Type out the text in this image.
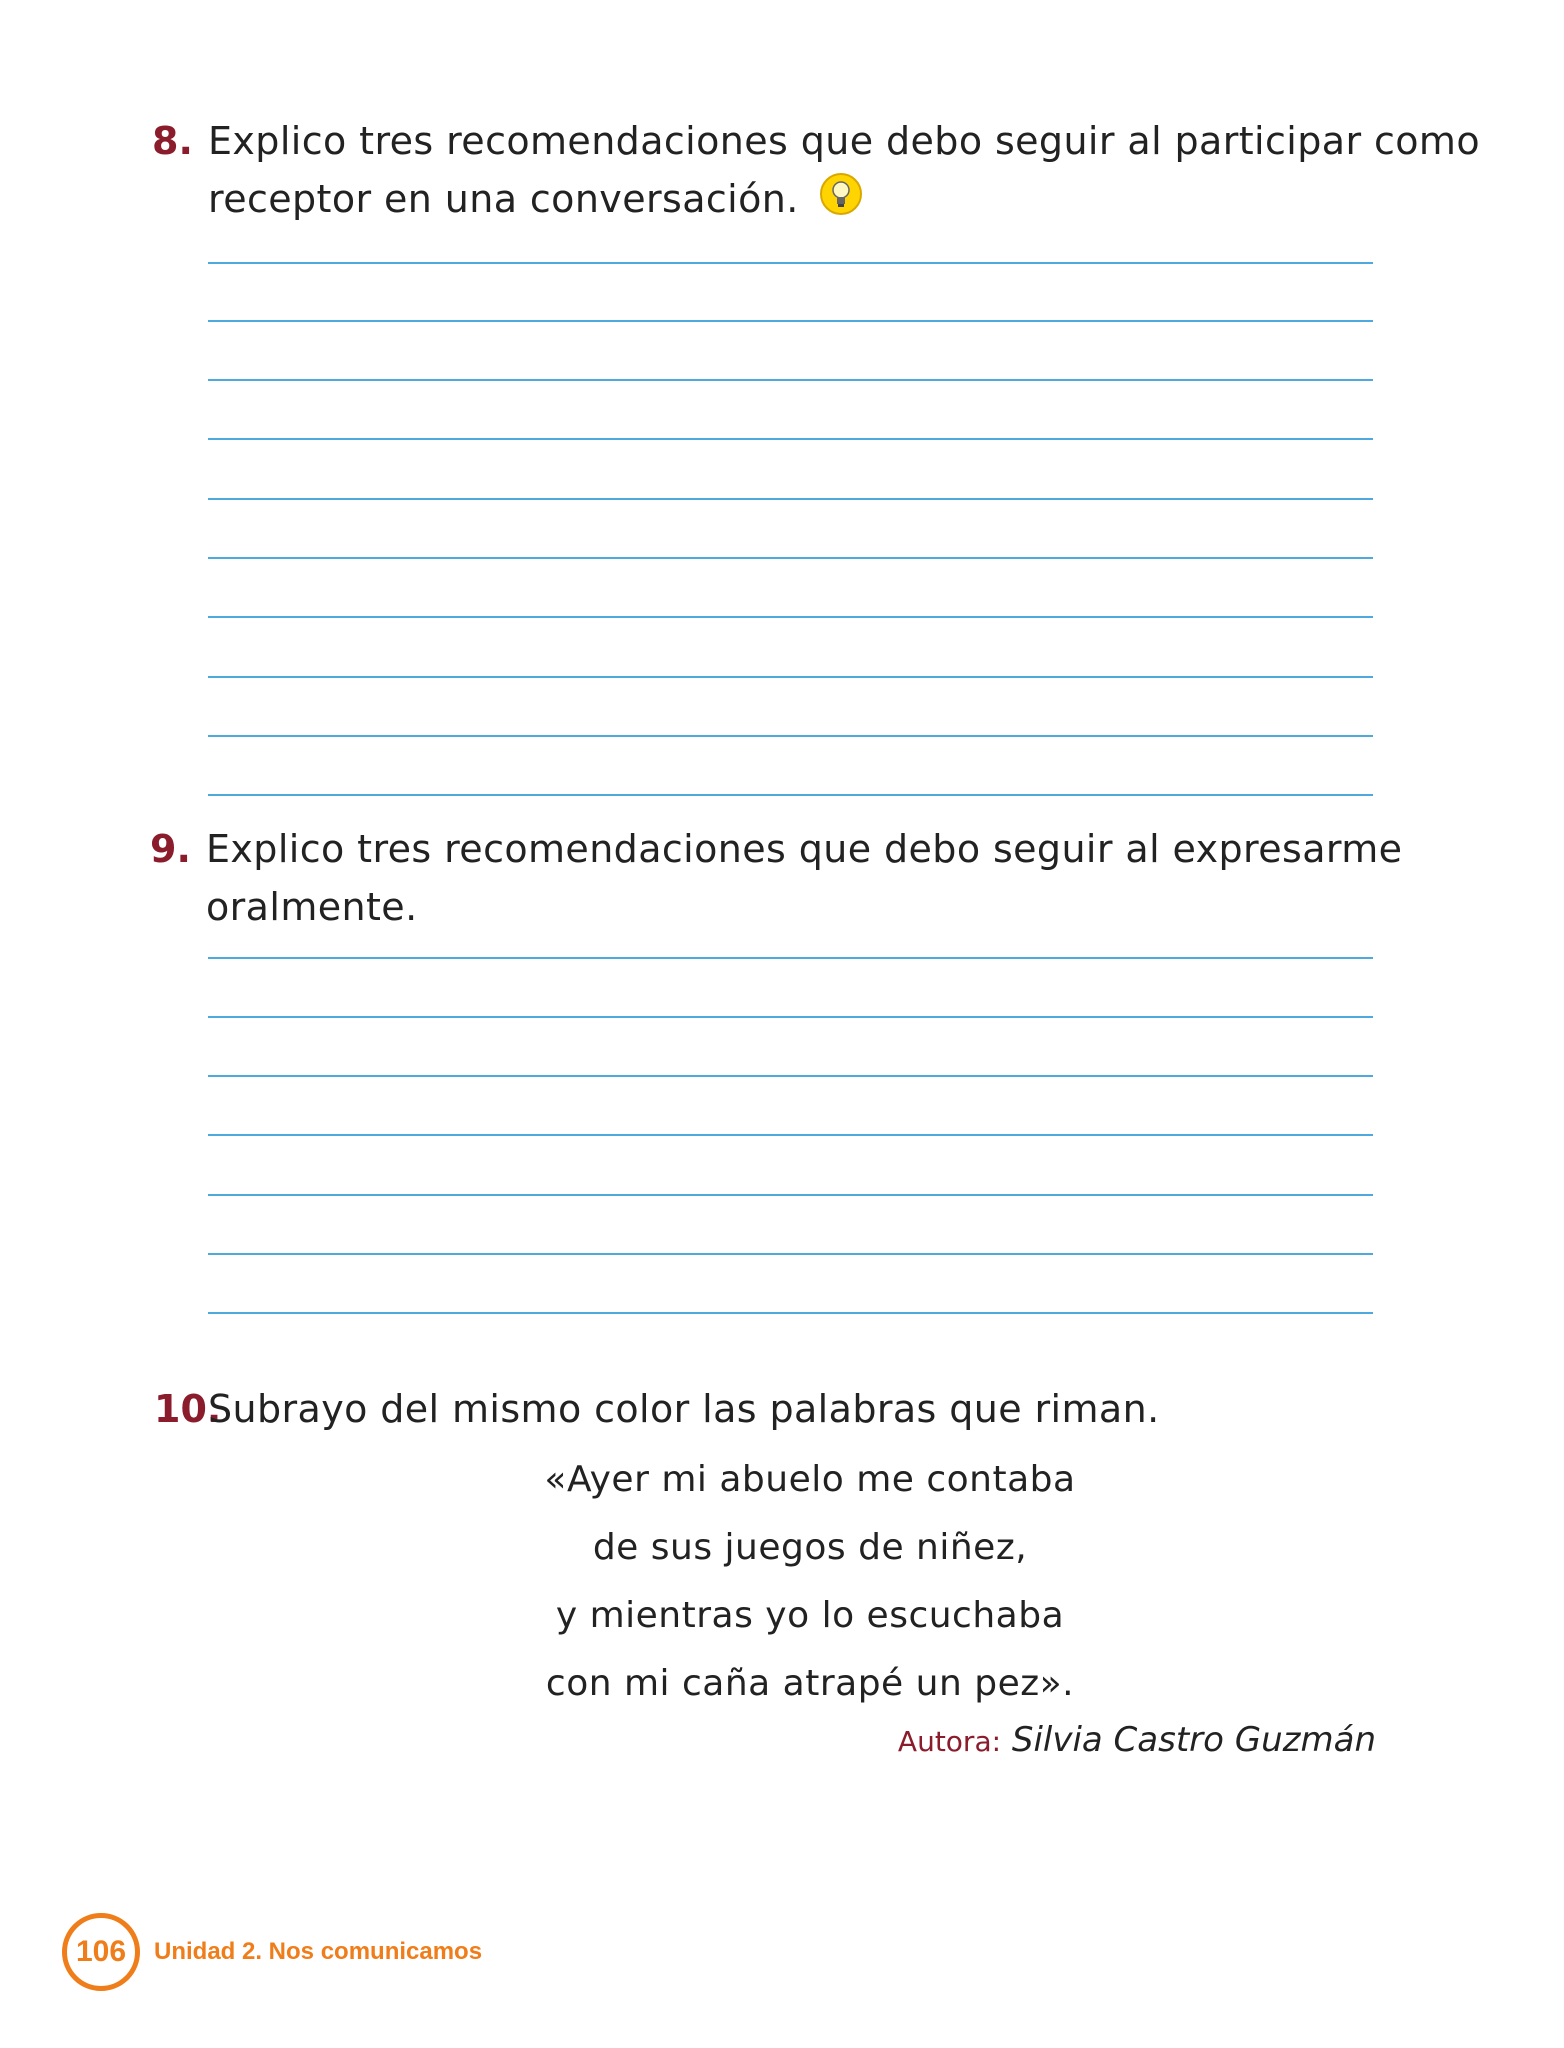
8. Explico tres recomendaciones que debo seguir al participar como
receptor en una conversación.
9. Explico tres recomendaciones que debo seguir al expresarme
oralmente.
10.
Subrayo del mismo color las palabras que riman.
«Ayer mi abuelo me contaba
de sus juegos de niñez,
y mientras yo lo escuchaba
con mi caña atrapé un pez».
Autora: Silvia Castro Guzmán
106 Unidad 2. Nos comunicamos
